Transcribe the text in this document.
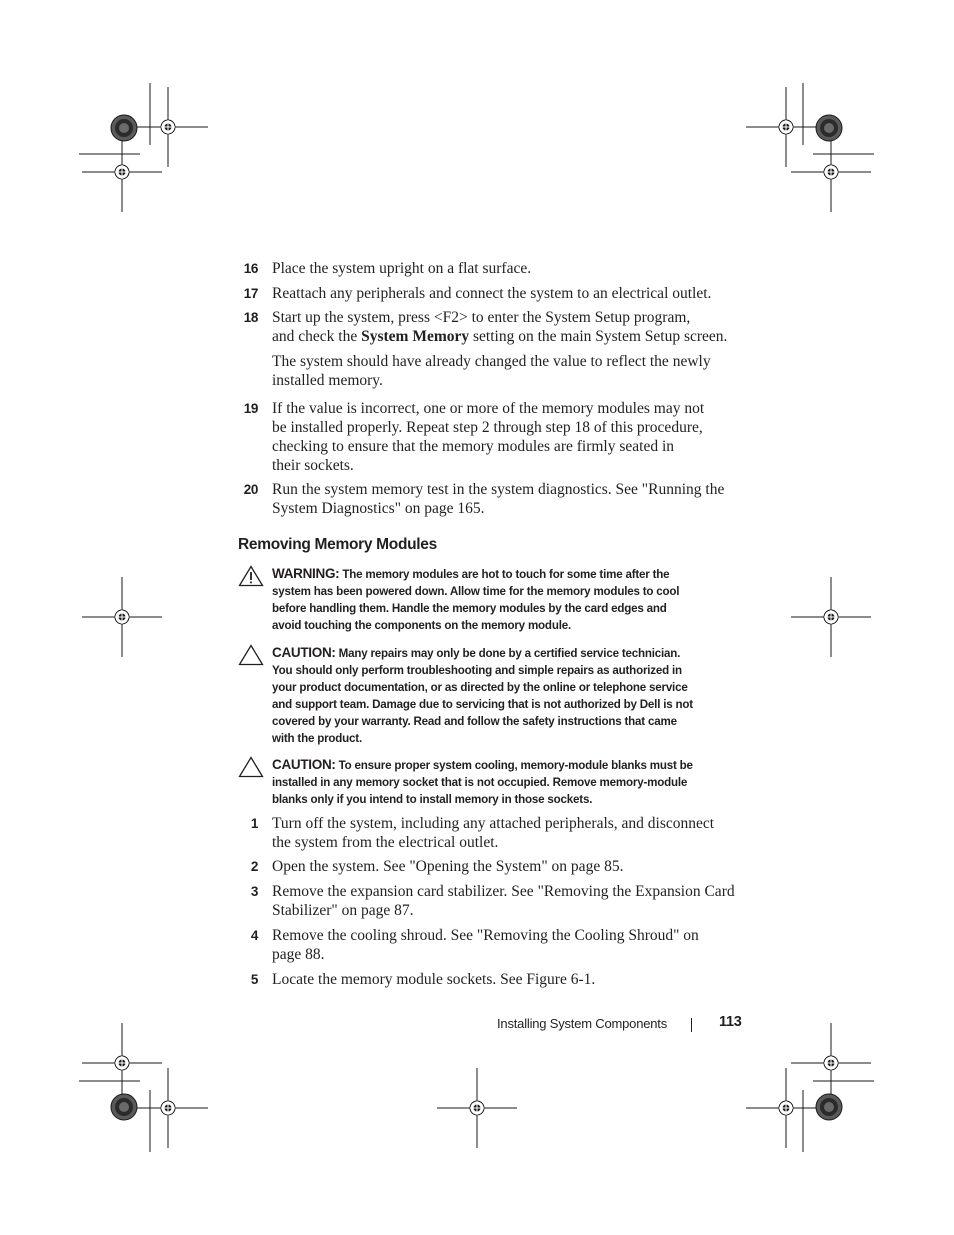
16 Place the system upright on a flat surface.
17 Reattach any peripherals and connect the system to an electrical outlet.
18 Start up the system, press <F2> to enter the System Setup program,
and check the System Memory setting on the main System Setup screen.
The system should have already changed the value to reflect the newly
installed memory.
19 If the value is incorrect, one or more of the memory modules may not
be installed properly. Repeat step 2 through step 18 of this procedure,
checking to ensure that the memory modules are firmly seated in
their sockets.
20 Run the system memory test in the system diagnostics. See "Running the
System Diagnostics" on page 165.
Removing Memory Modules
WARNING: The memory modules are hot to touch for some time after the
system has been powered down. Allow time for the memory modules to cool
before handling them. Handle the memory modules by the card edges and
avoid touching the components on the memory module.
CAUTION: Many repairs may only be done by a certified service technician.
You should only perform troubleshooting and simple repairs as authorized in
your product documentation, or as directed by the online or telephone service
and support team. Damage due to servicing that is not authorized by Dell is not
covered by your warranty. Read and follow the safety instructions that came
with the product.
CAUTION: To ensure proper system cooling, memory-module blanks must be
installed in any memory socket that is not occupied. Remove memory-module
blanks only if you intend to install memory in those sockets.
1 Turn off the system, including any attached peripherals, and disconnect
the system from the electrical outlet.
2 Open the system. See "Opening the System" on page 85.
3 Remove the expansion card stabilizer. See "Removing the Expansion Card
Stabilizer" on page 87.
4 Remove the cooling shroud. See "Removing the Cooling Shroud" on
page 88.
5 Locate the memory module sockets. See Figure 6-1.
Installing System Components	113
